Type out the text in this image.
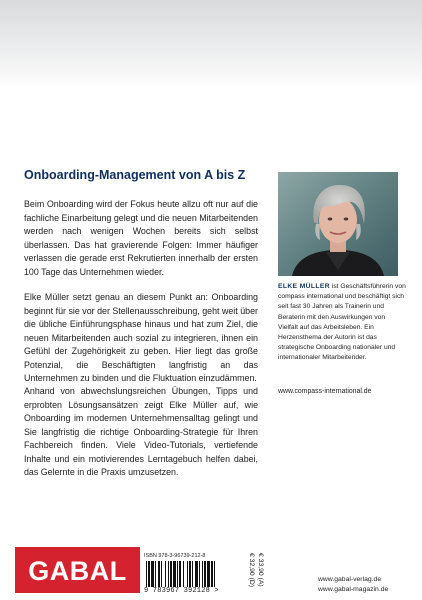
Onboarding-Management von A bis Z

Beim Onboarding wird der Fokus heute allzu oft nur auf die fachliche Einarbeitung gelegt und die neuen Mitarbeitenden werden nach wenigen Wochen bereits sich selbst überlassen. Das hat gravierende Folgen: Immer häufiger verlassen die gerade erst Rekrutierten innerhalb der ersten 100 Tage das Unternehmen wieder.

Elke Müller setzt genau an diesem Punkt an: Onboarding beginnt für sie vor der Stellenausschreibung, geht weit über die übliche Einführungsphase hinaus und hat zum Ziel, die neuen Mitarbeitenden auch sozial zu integrieren, ihnen ein Gefühl der Zugehörigkeit zu geben. Hier liegt das große Potenzial, die Beschäftigten langfristig an das Unternehmen zu binden und die Fluktuation einzudämmen.

Anhand von abwechslungsreichen Übungen, Tipps und erprobten Lösungsansätzen zeigt Elke Müller auf, wie Onboarding im modernen Unternehmensalltag gelingt und Sie langfristig die richtige Onboarding-Strategie für Ihren Fachbereich finden. Viele Video-Tutorials, vertiefende Inhalte und ein motivierendes Lerntagebuch helfen dabei, das Gelernte in die Praxis umzusetzen.

ELKE MÜLLER ist Geschäftsführerin von compass international und beschäftigt sich seit fast 30 Jahren als Trainerin und Beraterin mit den Auswirkungen von Vielfalt auf das Arbeitsleben. Ein Herzensthema der Autorin ist das strategische Onboarding nationaler und internationaler Mitarbeitender.

www.compass-international.de
GABAL	ISBN 978-3-96739-212-8
9 783967 392128 >
€ 32,90 (D) € 33,90 (A)	www.gabal-verlag.de
www.gabal-magazin.de
